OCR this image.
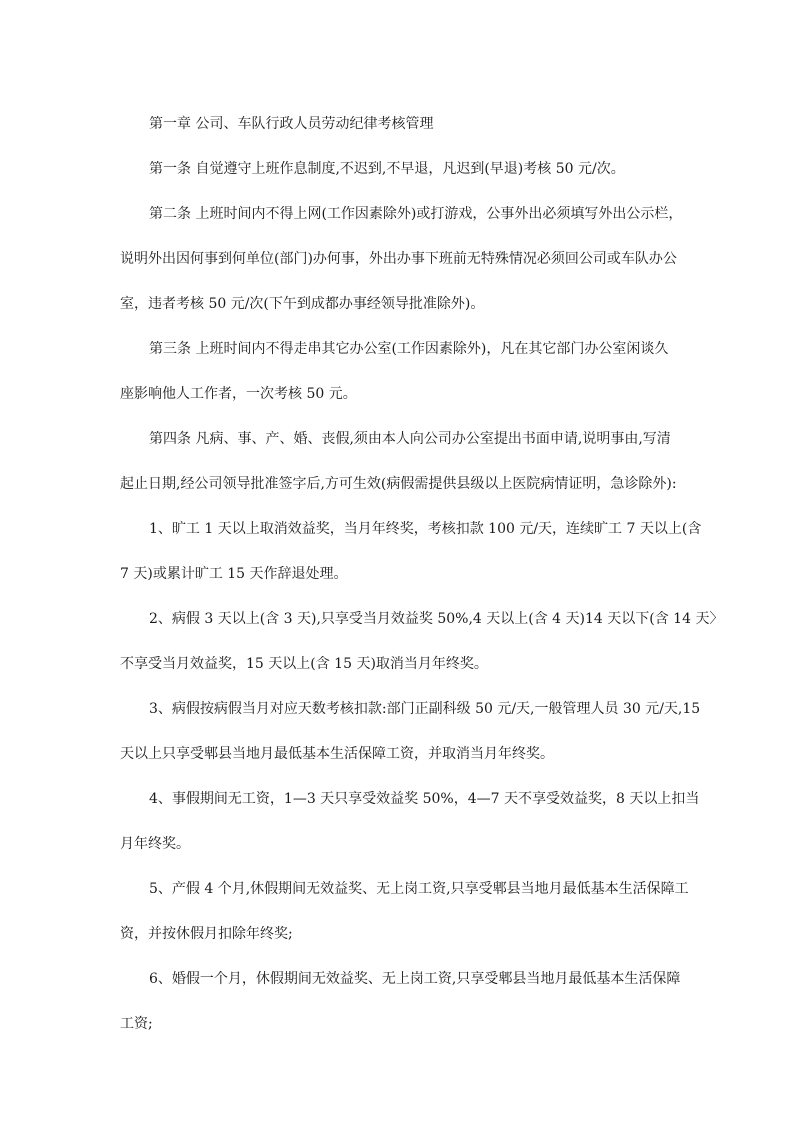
第一章 公司、车队行政人员劳动纪律考核管理

第一条 自觉遵守上班作息制度,不迟到,不早退，凡迟到(早退)考核 50 元/次。

第二条 上班时间内不得上网(工作因素除外)或打游戏，公事外出必须填写外出公示栏，

说明外出因何事到何单位(部门)办何事，外出办事下班前无特殊情况必须回公司或车队办公

室，违者考核 50 元/次(下午到成都办事经领导批准除外)。

第三条 上班时间内不得走串其它办公室(工作因素除外)，凡在其它部门办公室闲谈久

座影响他人工作者，一次考核 50 元。

第四条 凡病、事、产、婚、丧假,须由本人向公司办公室提出书面申请,说明事由,写清

起止日期,经公司领导批准签字后,方可生效(病假需提供县级以上医院病情证明，急诊除外):

1、旷工 1 天以上取消效益奖，当月年终奖，考核扣款 100 元/天，连续旷工 7 天以上(含

7 天)或累计旷工 15 天作辞退处理。

2、病假 3 天以上(含 3 天),只享受当月效益奖 50%,4 天以上(含 4 天)14 天以下(含 14 天〉

不享受当月效益奖，15 天以上(含 15 天)取消当月年终奖。

3、病假按病假当月对应天数考核扣款:部门正副科级 50 元/天,一般管理人员 30 元/天,15

天以上只享受郫县当地月最低基本生活保障工资，并取消当月年终奖。

4、事假期间无工资，1—3 天只享受效益奖 50%，4—7 天不享受效益奖，8 天以上扣当

月年终奖。

5、产假 4 个月,休假期间无效益奖、无上岗工资,只享受郫县当地月最低基本生活保障工

资，并按休假月扣除年终奖;

6、婚假一个月，休假期间无效益奖、无上岗工资,只享受郫县当地月最低基本生活保障

工资;
